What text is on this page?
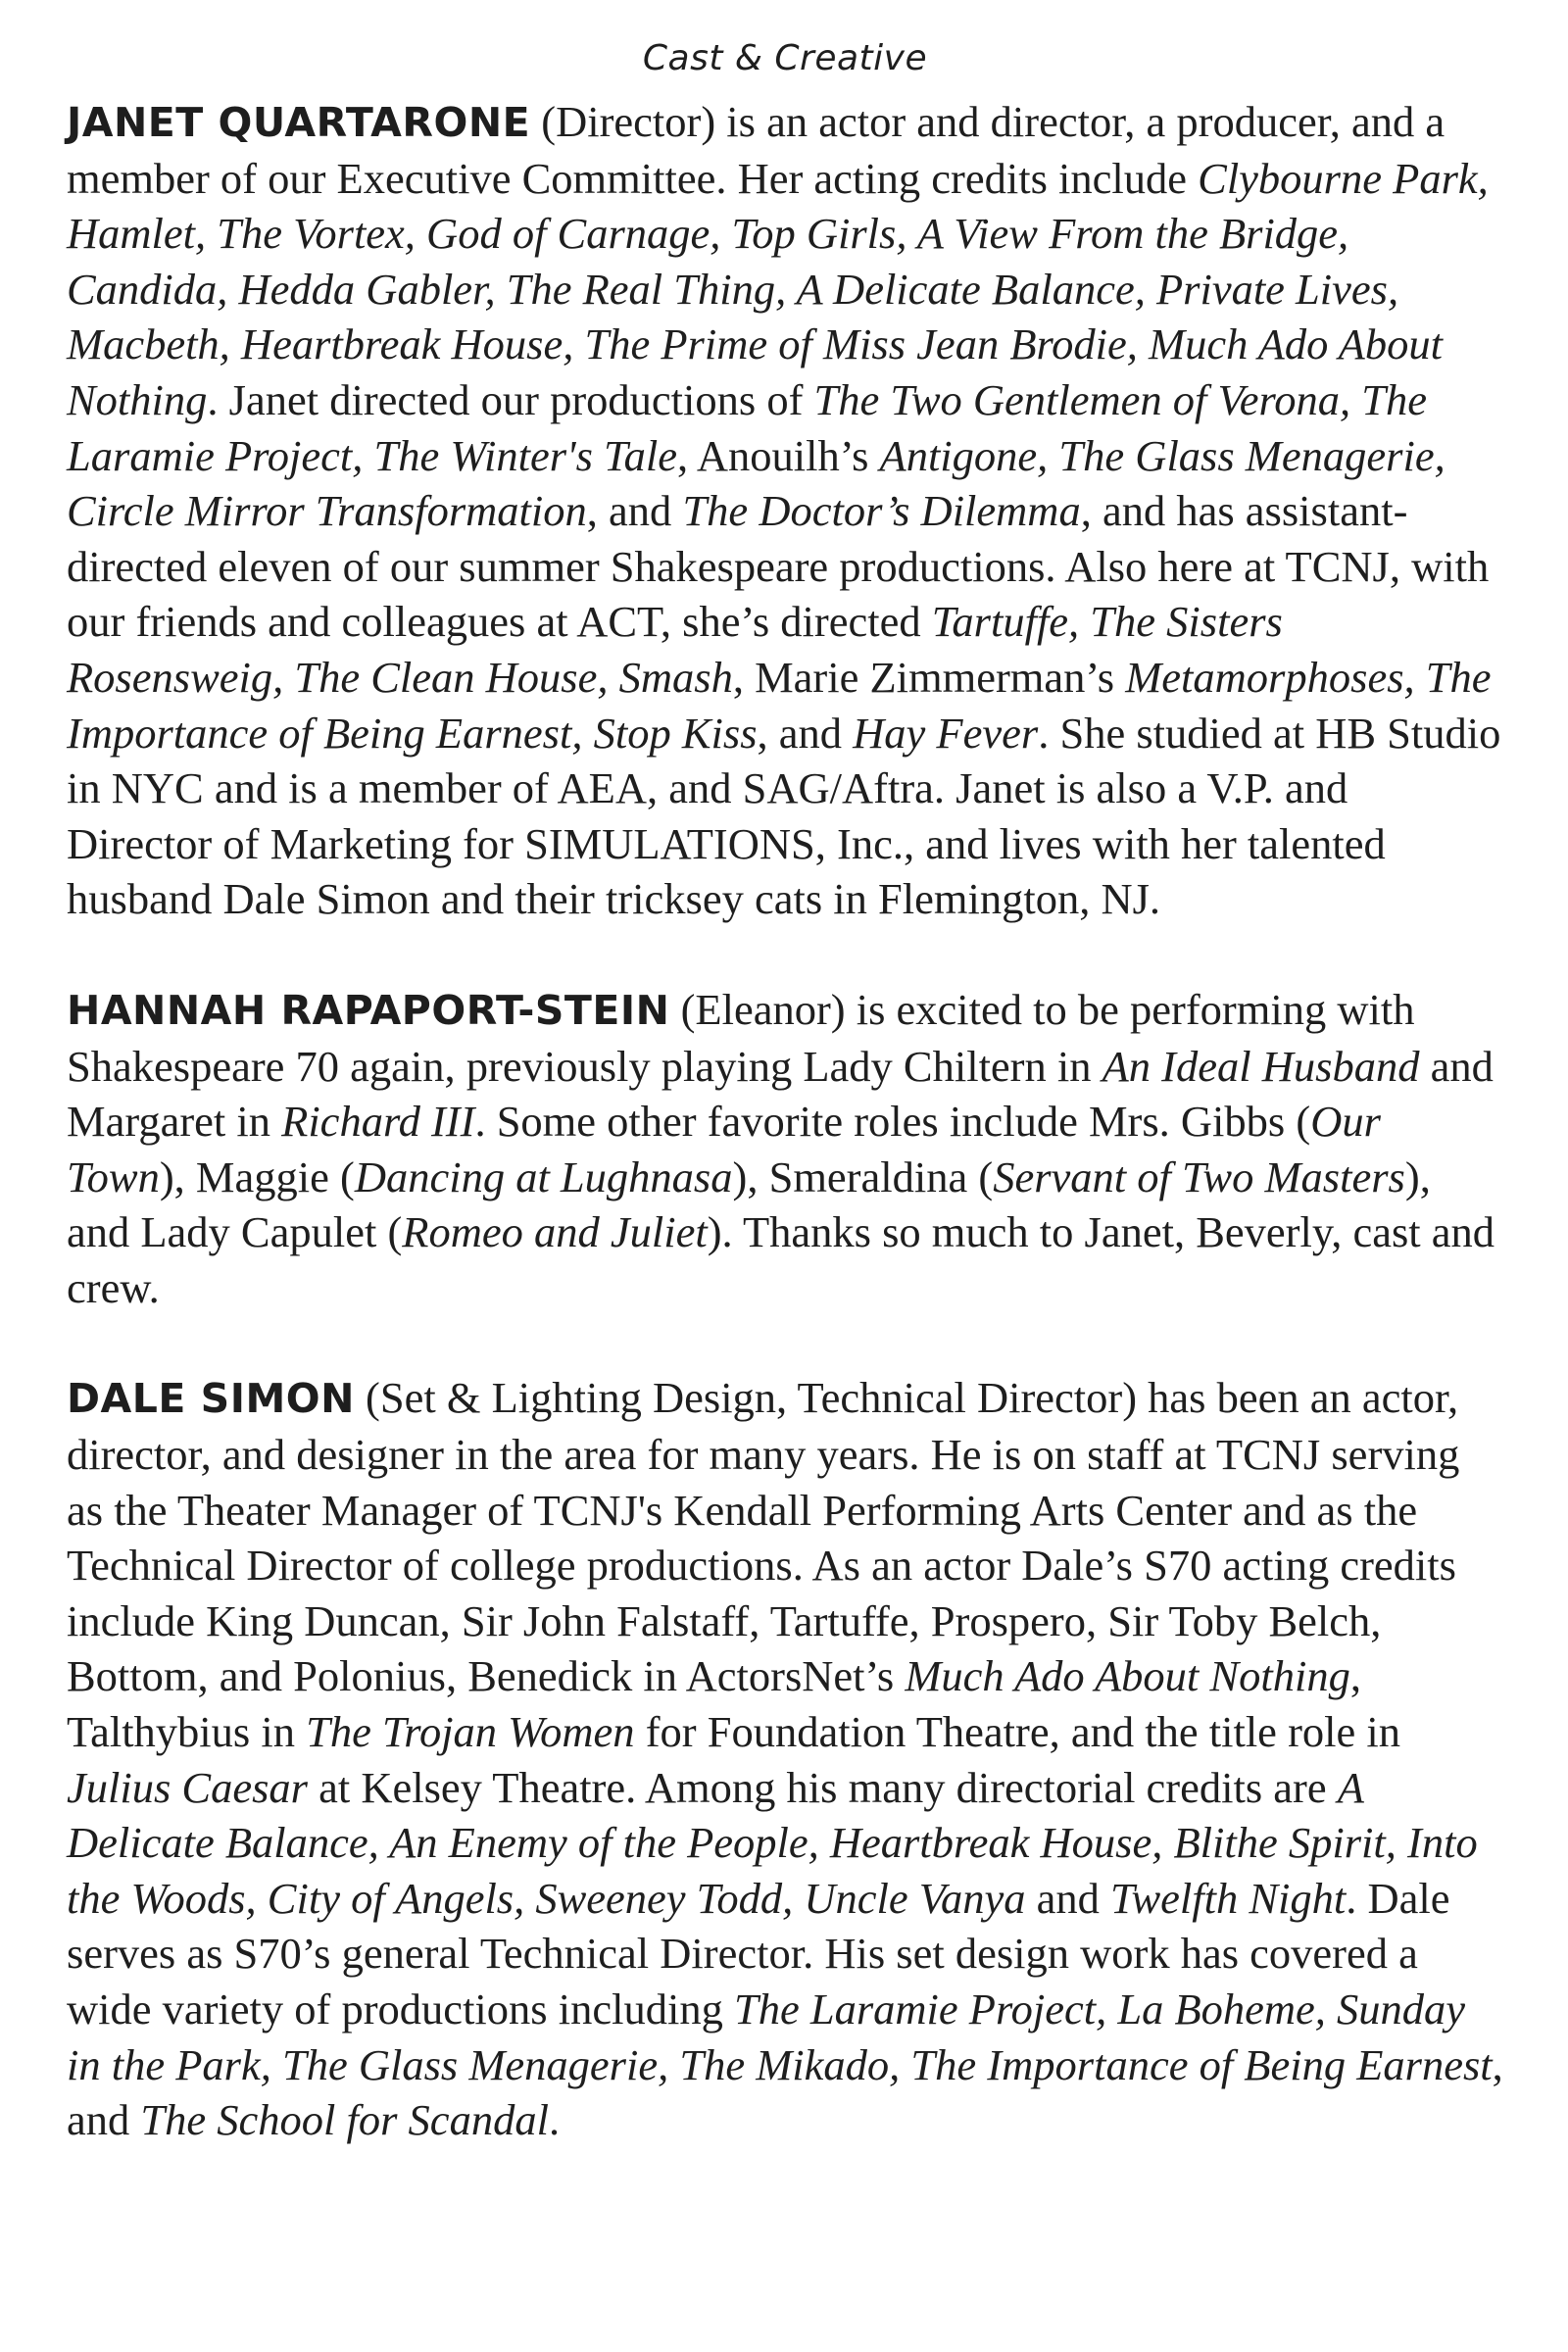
Cast & Creative

JANET QUARTARONE (Director) is an actor and director, a producer, and a member of our Executive Committee. Her acting credits include Clybourne Park, Hamlet, The Vortex, God of Carnage, Top Girls, A View From the Bridge, Candida, Hedda Gabler, The Real Thing, A Delicate Balance, Private Lives, Macbeth, Heartbreak House, The Prime of Miss Jean Brodie, Much Ado About Nothing. Janet directed our productions of The Two Gentlemen of Verona, The Laramie Project, The Winter's Tale, Anouilh’s Antigone, The Glass Menagerie, Circle Mirror Transformation, and The Doctor’s Dilemma, and has assistant-directed eleven of our summer Shakespeare productions. Also here at TCNJ, with our friends and colleagues at ACT, she’s directed Tartuffe, The Sisters Rosensweig, The Clean House, Smash, Marie Zimmerman’s Metamorphoses, The Importance of Being Earnest, Stop Kiss, and Hay Fever. She studied at HB Studio in NYC and is a member of AEA, and SAG/Aftra. Janet is also a V.P. and Director of Marketing for SIMULATIONS, Inc., and lives with her talented husband Dale Simon and their tricksey cats in Flemington, NJ.

HANNAH RAPAPORT-STEIN (Eleanor) is excited to be performing with Shakespeare 70 again, previously playing Lady Chiltern in An Ideal Husband and Margaret in Richard III. Some other favorite roles include Mrs. Gibbs (Our Town), Maggie (Dancing at Lughnasa), Smeraldina (Servant of Two Masters), and Lady Capulet (Romeo and Juliet). Thanks so much to Janet, Beverly, cast and crew.

DALE SIMON (Set & Lighting Design, Technical Director) has been an actor, director, and designer in the area for many years. He is on staff at TCNJ serving as the Theater Manager of TCNJ's Kendall Performing Arts Center and as the Technical Director of college productions. As an actor Dale’s S70 acting credits include King Duncan, Sir John Falstaff, Tartuffe, Prospero, Sir Toby Belch, Bottom, and Polonius, Benedick in ActorsNet’s Much Ado About Nothing, Talthybius in The Trojan Women for Foundation Theatre, and the title role in Julius Caesar at Kelsey Theatre. Among his many directorial credits are A Delicate Balance, An Enemy of the People, Heartbreak House, Blithe Spirit, Into the Woods, City of Angels, Sweeney Todd, Uncle Vanya and Twelfth Night. Dale serves as S70’s general Technical Director. His set design work has covered a wide variety of productions including The Laramie Project, La Boheme, Sunday in the Park, The Glass Menagerie, The Mikado, The Importance of Being Earnest, and The School for Scandal.
